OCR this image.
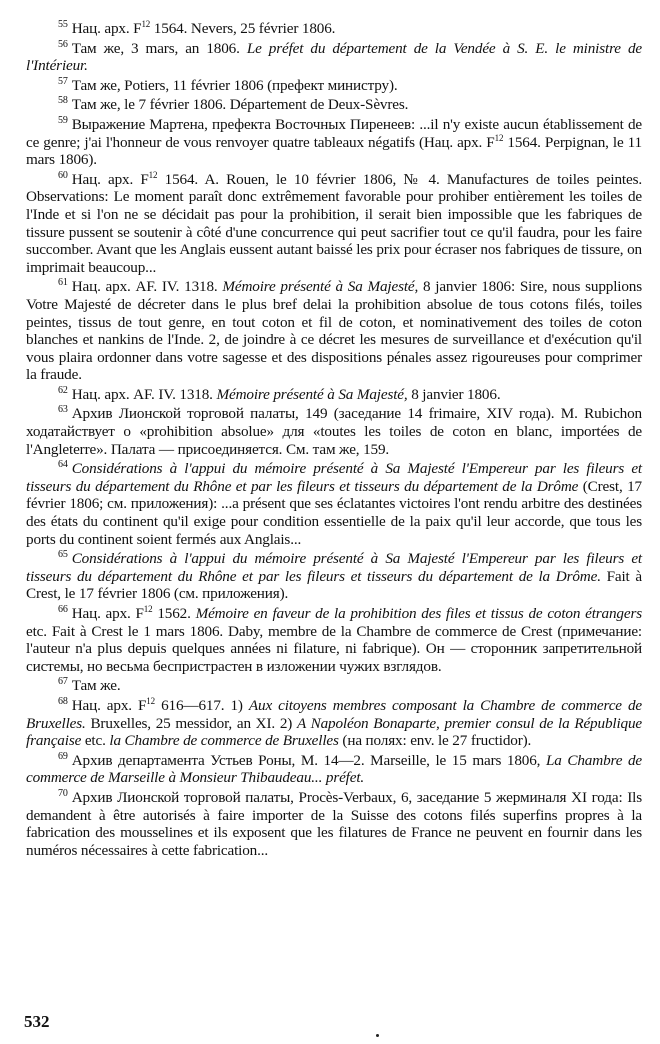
$^{55}$ Нац. арх. $F^{12}$ 1564. Nevers, 25 février 1806.

$^{56}$ Там же, 3 mars, an 1806. Le préfet du département de la Vendée à S. E. le ministre de l'Intérieur.

$^{57}$ Там же, Potiers, 11 février 1806 (префект министру).

$^{58}$ Там же, le 7 février 1806. Département de Deux-Sèvres.

$^{59}$ Выражение Мартена, префекта Восточных Пиренеев: ...il n'y existe aucun établissement de ce genre; j'ai l'honneur de vous renvoyer quatre tableaux négatifs (Нац. арх. $F^{12}$ 1564. Perpignan, le 11 mars 1806).

$^{60}$ Нац. арх. $F^{12}$ 1564. A. Rouen, le 10 février 1806, № 4. Manufactures de toiles peintes. Observations: Le moment paraît donc extrêmement favorable pour prohiber entièrement les toiles de l'Inde et si l'on ne se décidait pas pour la prohibition, il serait bien impossible que les fabriques de tissure pussent se soutenir à côté d'une concurrence qui peut sacrifier tout ce qu'il faudra, pour les faire succomber. Avant que les Anglais eussent autant baissé les prix pour écraser nos fabriques de tissure, on imprimait beaucoup...

$^{61}$ Нац. арх. AF. IV. 1318. Mémoire présenté à Sa Majesté, 8 janvier 1806: Sire, nous supplions Votre Majesté de décreter dans le plus bref delai la prohibition absolue de tous cotons filés, toiles peintes, tissus de tout genre, en tout coton et fil de coton, et nominativement des toiles de coton blanches et nankins de l'Inde. 2, de joindre à ce décret les mesures de surveillance et d'exécution qu'il vous plaira ordonner dans votre sagesse et des dispositions pénales assez rigoureuses pour comprimer la fraude.

$^{62}$ Нац. арх. AF. IV. 1318. Mémoire présenté à Sa Majesté, 8 janvier 1806.

$^{63}$ Архив Лионской торговой палаты, 149 (заседание 14 frimaire, XIV года). M. Rubichon ходатайствует о «prohibition absolue» для «toutes les toiles de coton en blanc, importées de l'Angleterre». Палата — присоединяется. См. там же, 159.

$^{64}$ Considérations à l'appui du mémoire présenté à Sa Majesté l'Empereur par les fileurs et tisseurs du département du Rhône et par les fileurs et tisseurs du département de la Drôme (Crest, 17 février 1806; см. приложения): ...a présent que ses éclatantes victoires l'ont rendu arbitre des destinées des états du continent qu'il exige pour condition essentielle de la paix qu'il leur accorde, que tous les ports du continent soient fermés aux Anglais...

$^{65}$ Considérations à l'appui du mémoire présenté à Sa Majesté l'Empereur par les fileurs et tisseurs du département du Rhône et par les fileurs et tisseurs du département de la Drôme. Fait à Crest, le 17 février 1806 (см. приложения).

$^{66}$ Нац. арх. $F^{12}$ 1562. Mémoire en faveur de la prohibition des files et tissus de coton étrangers etc. Fait à Crest le 1 mars 1806. Daby, membre de la Chambre de commerce de Crest (примечание: l'auteur n'a plus depuis quelques années ni filature, ni fabrique). Он — сторонник запретительной системы, но весьма беспристрастен в изложении чужих взглядов.

$^{67}$ Там же.

$^{68}$ Нац. арх. $F^{12}$ 616—617. 1) Aux citoyens membres composant la Chambre de commerce de Bruxelles. Bruxelles, 25 messidor, an XI. 2) A Napoléon Bonaparte, premier consul de la République française etc. la Chambre de commerce de Bruxelles (на полях: env. le 27 fructidor).

$^{69}$ Архив департамента Устьев Роны, M. 14—2. Marseille, le 15 mars 1806, La Chambre de commerce de Marseille à Monsieur Thibaudeau... préfet.

$^{70}$ Архив Лионской торговой палаты, Procès-Verbaux, 6, заседание 5 жерминаля XI года: Ils demandent à être autorisés à faire importer de la Suisse des cotons filés superfins propres à la fabrication des mousselines et ils exposent que les filatures de France ne peuvent en fournir dans les numéros nécessaires à cette fabrication...

532
